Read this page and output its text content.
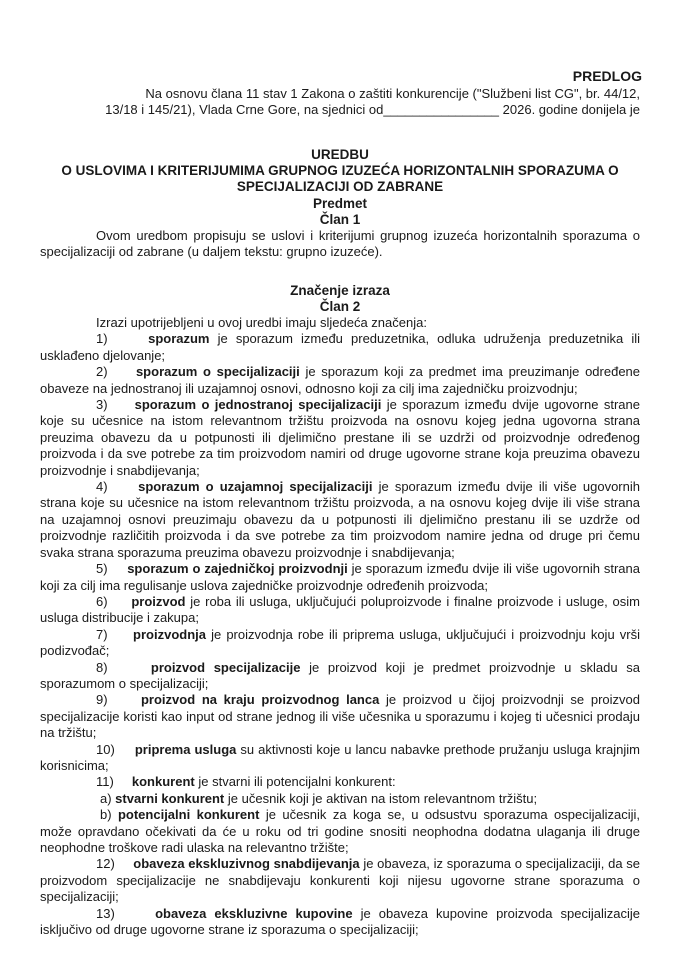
PREDLOG

Na osnovu člana 11 stav 1 Zakona o zaštiti konkurencije ("Službeni list CG", br. 44/12,

13/18 i 145/21), Vlada Crne Gore, na sjednici od________________ 2026. godine donijela je

UREDBU

O USLOVIMA I KRITERIJUMIMA GRUPNOG IZUZEĆA HORIZONTALNIH SPORAZUMA O

SPECIJALIZACIJI OD ZABRANE

Predmet

Član 1

Ovom uredbom propisuju se uslovi i kriterijumi grupnog izuzeća horizontalnih sporazuma o specijalizaciji od zabrane (u daljem tekstu: grupno izuzeće).

Značenje izraza

Član 2

Izrazi upotrijebljeni u ovoj uredbi imaju sljedeća značenja:

1)     sporazum je sporazum između preduzetnika, odluka udruženja preduzetnika ili usklađeno djelovanje;

2)     sporazum o specijalizaciji je sporazum koji za predmet ima preuzimanje određene obaveze na jednostranoj ili uzajamnoj osnovi, odnosno koji za cilj ima zajedničku proizvodnju;

3)     sporazum o jednostranoj specijalizaciji je sporazum između dvije ugovorne strane koje su učesnice na istom relevantnom tržištu proizvoda na osnovu kojeg jedna ugovorna strana preuzima obavezu da u potpunosti ili djelimično prestane ili se uzdrži od proizvodnje određenog proizvoda i da sve potrebe za tim proizvodom namiri od druge ugovorne strane koja preuzima obavezu proizvodnje i snabdijevanja;

4)     sporazum o uzajamnoj specijalizaciji je sporazum između dvije ili više ugovornih strana koje su učesnice na istom relevantnom tržištu proizvoda, a na osnovu kojeg dvije ili više strana na uzajamnoj osnovi preuzimaju obavezu da u potpunosti ili djelimično prestanu ili se uzdrže od proizvodnje različitih proizvoda i da sve potrebe za tim proizvodom namire jedna od druge pri čemu svaka strana sporazuma preuzima obavezu proizvodnje i snabdijevanja;

5)     sporazum o zajedničkoj proizvodnji je sporazum između dvije ili više ugovornih strana koji za cilj ima regulisanje uslova zajedničke proizvodnje određenih proizvoda;

6)     proizvod je roba ili usluga, uključujući poluproizvode i finalne proizvode i usluge, osim usluga distribucije i zakupa;

7)     proizvodnja je proizvodnja robe ili priprema usluga, uključujući i proizvodnju koju vrši podizvođač;

8)     proizvod specijalizacije je proizvod koji je predmet proizvodnje u skladu sa sporazumom o specijalizaciji;

9)     proizvod na kraju proizvodnog lanca je proizvod u čijoj proizvodnji se proizvod specijalizacije koristi kao input od strane jednog ili više učesnika u sporazumu i kojeg ti učesnici prodaju na tržištu;

10)     priprema usluga su aktivnosti koje u lancu nabavke prethode pružanju usluga krajnjim korisnicima;

11)     konkurent je stvarni ili potencijalni konkurent:

a) stvarni konkurent je učesnik koji je aktivan na istom relevantnom tržištu;

b) potencijalni konkurent je učesnik za koga se, u odsustvu sporazuma ospecijalizaciji, može opravdano očekivati da će u roku od tri godine snositi neophodna dodatna ulaganja ili druge neophodne troškove radi ulaska na relevantno tržište;

12)     obaveza ekskluzivnog snabdijevanja je obaveza, iz sporazuma o specijalizaciji, da se proizvodom specijalizacije ne snabdijevaju konkurenti koji nijesu ugovorne strane sporazuma o specijalizaciji;

13)     obaveza ekskluzivne kupovine je obaveza kupovine proizvoda specijalizacije isključivo od druge ugovorne strane iz sporazuma o specijalizaciji;
